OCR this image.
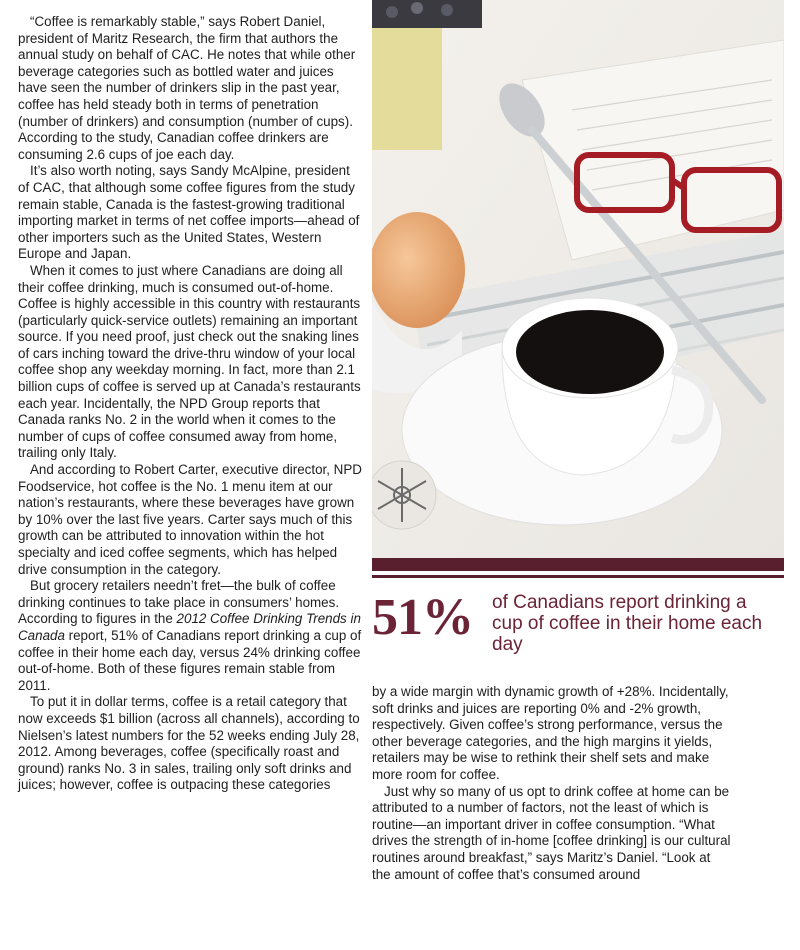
“Coffee is remarkably stable,” says Robert Daniel, president of Maritz Research, the firm that authors the annual study on behalf of CAC. He notes that while other beverage categories such as bottled water and juices have seen the number of drinkers slip in the past year, coffee has held steady both in terms of penetration (number of drinkers) and consumption (number of cups). According to the study, Canadian coffee drinkers are consuming 2.6 cups of joe each day.

It’s also worth noting, says Sandy McAlpine, president of CAC, that although some coffee figures from the study remain stable, Canada is the fastest-growing traditional importing market in terms of net coffee imports—ahead of other importers such as the United States, Western Europe and Japan.

When it comes to just where Canadians are doing all their coffee drinking, much is consumed out-of-home. Coffee is highly accessible in this country with restaurants (particularly quick-service outlets) remaining an important source. If you need proof, just check out the snaking lines of cars inching toward the drive-thru window of your local coffee shop any weekday morning. In fact, more than 2.1 billion cups of coffee is served up at Canada’s restaurants each year. Incidentally, the NPD Group reports that Canada ranks No. 2 in the world when it comes to the number of cups of coffee consumed away from home, trailing only Italy.

And according to Robert Carter, executive director, NPD Foodservice, hot coffee is the No. 1 menu item at our nation’s restaurants, where these beverages have grown by 10% over the last five years. Carter says much of this growth can be attributed to innovation within the hot specialty and iced coffee segments, which has helped drive consumption in the category.

But grocery retailers needn’t fret—the bulk of coffee drinking continues to take place in consumers’ homes. According to figures in the 2012 Coffee Drinking Trends in Canada report, 51% of Canadians report drinking a cup of coffee in their home each day, versus 24% drinking coffee out-of-home. Both of these figures remain stable from 2011.

To put it in dollar terms, coffee is a retail category that now exceeds $1 billion (across all channels), according to Nielsen’s latest numbers for the 52 weeks ending July 28, 2012. Among beverages, coffee (specifically roast and ground) ranks No. 3 in sales, trailing only soft drinks and juices; however, coffee is outpacing these categories

51% of Canadians report drinking a cup of coffee in their home each day

by a wide margin with dynamic growth of +28%. Incidentally, soft drinks and juices are reporting 0% and -2% growth, respectively. Given coffee’s strong performance, versus the other beverage categories, and the high margins it yields, retailers may be wise to rethink their shelf sets and make more room for coffee.

Just why so many of us opt to drink coffee at home can be attributed to a number of factors, not the least of which is routine—an important driver in coffee consumption. “What drives the strength of in-home [coffee drinking] is our cultural routines around breakfast,” says Maritz’s Daniel. “Look at the amount of coffee that’s consumed around
